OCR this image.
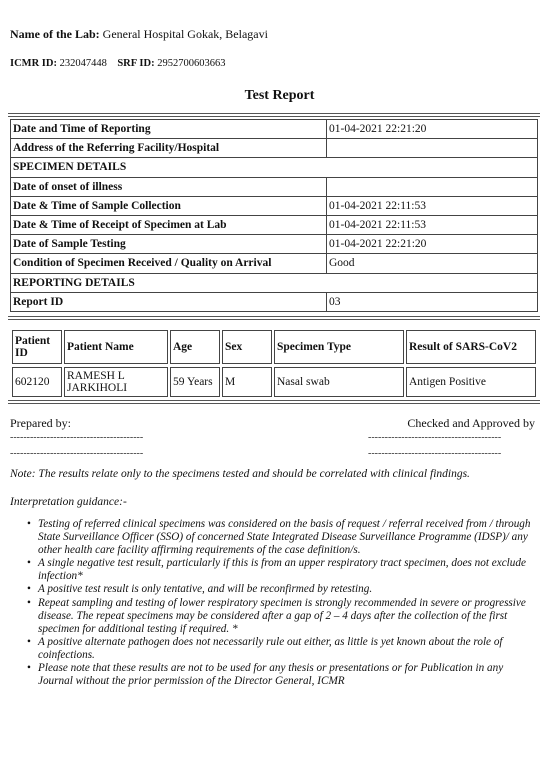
Name of the Lab: General Hospital Gokak, Belagavi
ICMR ID: 232047448 SRF ID: 2952700603663
Test Report
Date and Time of Reporting	01-04-2021 22:21:20
Address of the Referring Facility/Hospital	
SPECIMEN DETAILS	
Date of onset of illness	
Date & Time of Sample Collection	01-04-2021 22:11:53
Date & Time of Receipt of Specimen at Lab	01-04-2021 22:11:53
Date of Sample Testing	01-04-2021 22:21:20
Condition of Specimen Received / Quality on Arrival	Good
REPORTING DETAILS	
Report ID	03
Patient ID	Patient Name	Age	Sex	Specimen Type	Result of SARS-CoV2
602120	RAMESH L JARKIHOLI	59 Years	M	Nasal swab	Antigen Positive
Prepared by:	Checked and Approved by
----------------------------------------
----------------------------------------
----------------------------------------
----------------------------------------
Note: The results relate only to the specimens tested and should be correlated with clinical findings.
Interpretation guidance:-
• Testing of referred clinical specimens was considered on the basis of request / referral received from / through State Surveillance Officer (SSO) of concerned State Integrated Disease Surveillance Programme (IDSP)/ any other health care facility affirming requirements of the case definition/s.
• A single negative test result, particularly if this is from an upper respiratory tract specimen, does not exclude infection*
• A positive test result is only tentative, and will be reconfirmed by retesting.
• Repeat sampling and testing of lower respiratory specimen is strongly recommended in severe or progressive disease. The repeat specimens may be considered after a gap of 2 – 4 days after the collection of the first specimen for additional testing if required. *
• A positive alternate pathogen does not necessarily rule out either, as little is yet known about the role of coinfections.
• Please note that these results are not to be used for any thesis or presentations or for Publication in any Journal without the prior permission of the Director General, ICMR
